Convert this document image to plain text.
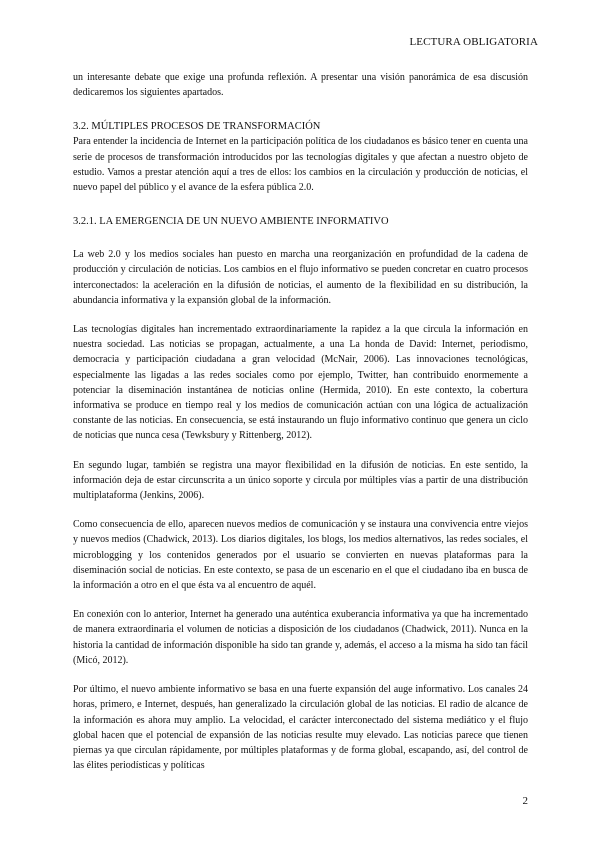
LECTURA OBLIGATORIA

un interesante debate que exige una profunda reflexión. A presentar una visión panorámica de esa discusión dedicaremos los siguientes apartados.

3.2. MÚLTIPLES PROCESOS DE TRANSFORMACIÓN

Para entender la incidencia de Internet en la participación política de los ciudadanos es básico tener en cuenta una serie de procesos de transformación introducidos por las tecnologías digitales y que afectan a nuestro objeto de estudio. Vamos a prestar atención aquí a tres de ellos: los cambios en la circulación y producción de noticias, el nuevo papel del público y el avance de la esfera pública 2.0.

3.2.1. LA EMERGENCIA DE UN NUEVO AMBIENTE INFORMATIVO

La web 2.0 y los medios sociales han puesto en marcha una reorganización en profundidad de la cadena de producción y circulación de noticias. Los cambios en el flujo informativo se pueden concretar en cuatro procesos interconectados: la aceleración en la difusión de noticias, el aumento de la flexibilidad en su distribución, la abundancia informativa y la expansión global de la información.

Las tecnologías digitales han incrementado extraordinariamente la rapidez a la que circula la información en nuestra sociedad. Las noticias se propagan, actualmente, a una La honda de David: Internet, periodismo, democracia y participación ciudadana a gran velocidad (McNair, 2006). Las innovaciones tecnológicas, especialmente las ligadas a las redes sociales como por ejemplo, Twitter, han contribuido enormemente a potenciar la diseminación instantánea de noticias online (Hermida, 2010). En este contexto, la cobertura informativa se produce en tiempo real y los medios de comunicación actúan con una lógica de actualización constante de las noticias. En consecuencia, se está instaurando un flujo informativo continuo que genera un ciclo de noticias que nunca cesa (Tewksbury y Rittenberg, 2012).

En segundo lugar, también se registra una mayor flexibilidad en la difusión de noticias. En este sentido, la información deja de estar circunscrita a un único soporte y circula por múltiples vías a partir de una distribución multiplataforma (Jenkins, 2006).

Como consecuencia de ello, aparecen nuevos medios de comunicación y se instaura una convivencia entre viejos y nuevos medios (Chadwick, 2013). Los diarios digitales, los blogs, los medios alternativos, las redes sociales, el microblogging y los contenidos generados por el usuario se convierten en nuevas plataformas para la diseminación social de noticias. En este contexto, se pasa de un escenario en el que el ciudadano iba en busca de la información a otro en el que ésta va al encuentro de aquél.

En conexión con lo anterior, Internet ha generado una auténtica exuberancia informativa ya que ha incrementado de manera extraordinaria el volumen de noticias a disposición de los ciudadanos (Chadwick, 2011). Nunca en la historia la cantidad de información disponible ha sido tan grande y, además, el acceso a la misma ha sido tan fácil (Micó, 2012).

Por último, el nuevo ambiente informativo se basa en una fuerte expansión del auge informativo. Los canales 24 horas, primero, e Internet, después, han generalizado la circulación global de las noticias. El radio de alcance de la información es ahora muy amplio. La velocidad, el carácter interconectado del sistema mediático y el flujo global hacen que el potencial de expansión de las noticias resulte muy elevado. Las noticias parece que tienen piernas ya que circulan rápidamente, por múltiples plataformas y de forma global, escapando, así, del control de las élites periodísticas y políticas

2
